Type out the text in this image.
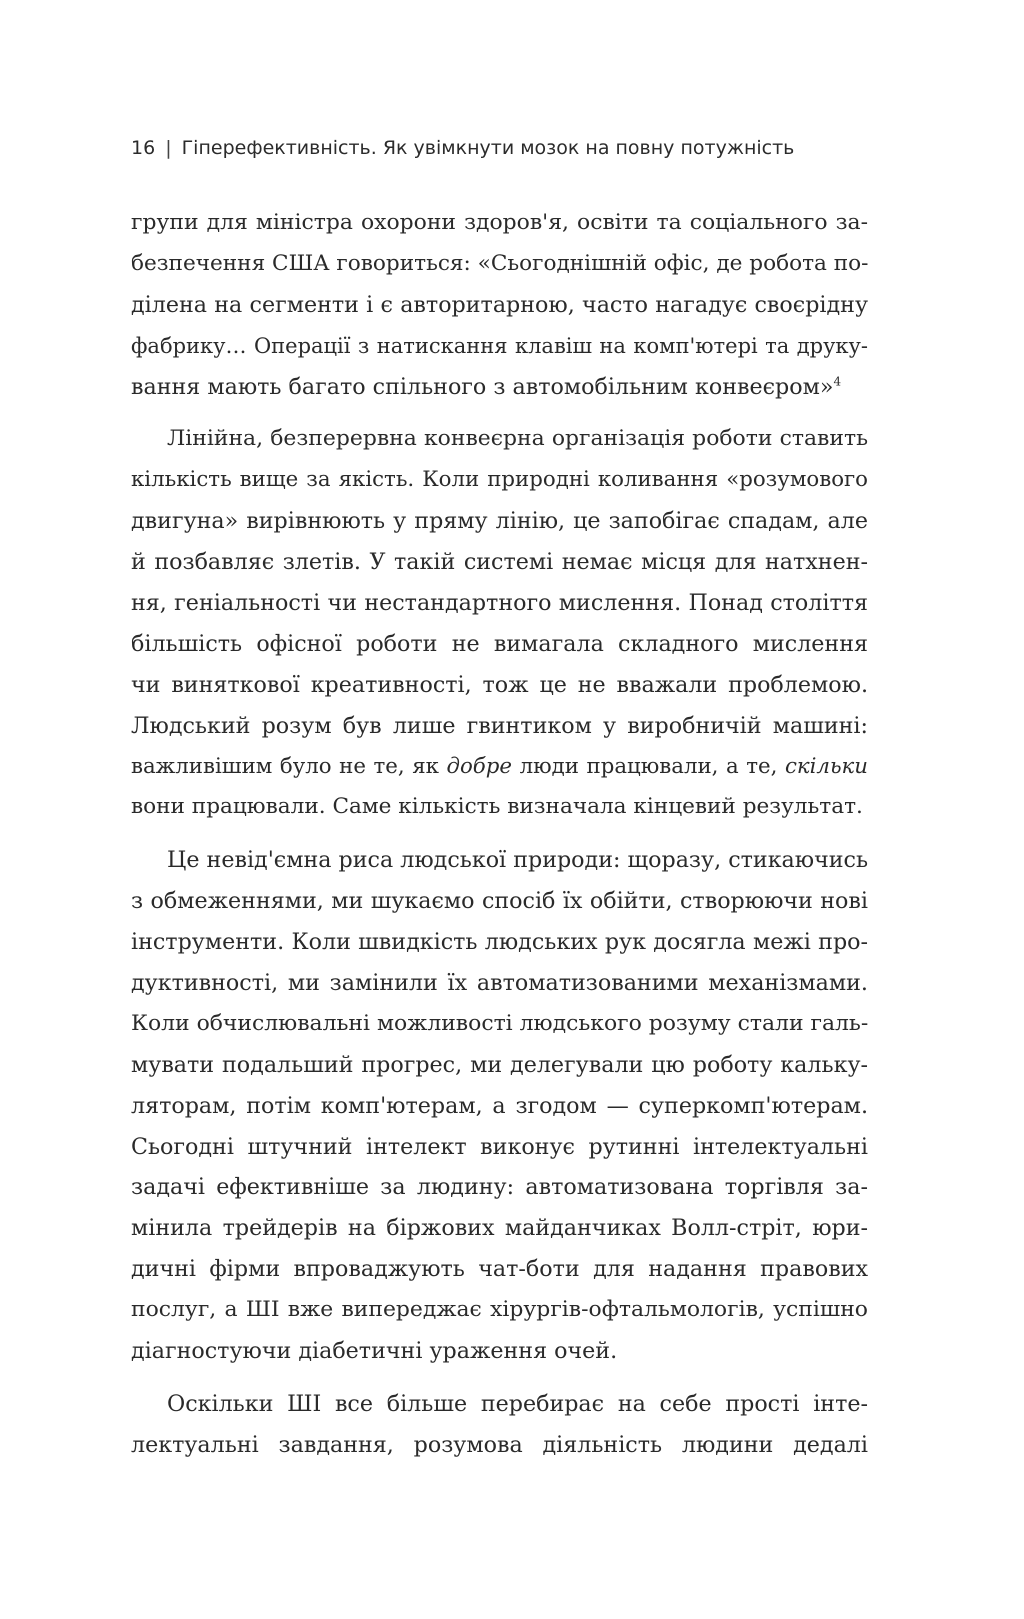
16 | Гіперефективність. Як увімкнути мозок на повну потужність
групи для міністра охорони здоров'я, освіти та соціального за-
безпечення США говориться: «Сьогоднішній офіс, де робота по-
ділена на сегменти і є авторитарною, часто нагадує своєрідну
фабрику… Операції з натискання клавіш на комп'ютері та друку-
вання мають багато спільного з автомобільним конвеєром»$^4$
Лінійна, безперервна конвеєрна організація роботи ставить
кількість вище за якість. Коли природні коливання «розумового
двигуна» вирівнюють у пряму лінію, це запобігає спадам, але
й позбавляє злетів. У такій системі немає місця для натхнен-
ня, геніальності чи нестандартного мислення. Понад століття
більшість офісної роботи не вимагала складного мислення
чи виняткової креативності, тож це не вважали проблемою.
Людський розум був лише гвинтиком у виробничій машині:
важливішим було не те, як добре люди працювали, а те, скільки
вони працювали. Саме кількість визначала кінцевий результат.
Це невід'ємна риса людської природи: щоразу, стикаючись
з обмеженнями, ми шукаємо спосіб їх обійти, створюючи нові
інструменти. Коли швидкість людських рук досягла межі про-
дуктивності, ми замінили їх автоматизованими механізмами.
Коли обчислювальні можливості людського розуму стали галь-
мувати подальший прогрес, ми делегували цю роботу кальку-
ляторам, потім комп'ютерам, а згодом — суперкомп'ютерам.
Сьогодні штучний інтелект виконує рутинні інтелектуальні
задачі ефективніше за людину: автоматизована торгівля за-
мінила трейдерів на біржових майданчиках Волл-стріт, юри-
дичні фірми впроваджують чат-боти для надання правових
послуг, а ШІ вже випереджає хірургів-офтальмологів, успішно
діагностуючи діабетичні ураження очей.
Оскільки ШІ все більше перебирає на себе прості інте-
лектуальні завдання, розумова діяльність людини дедалі
